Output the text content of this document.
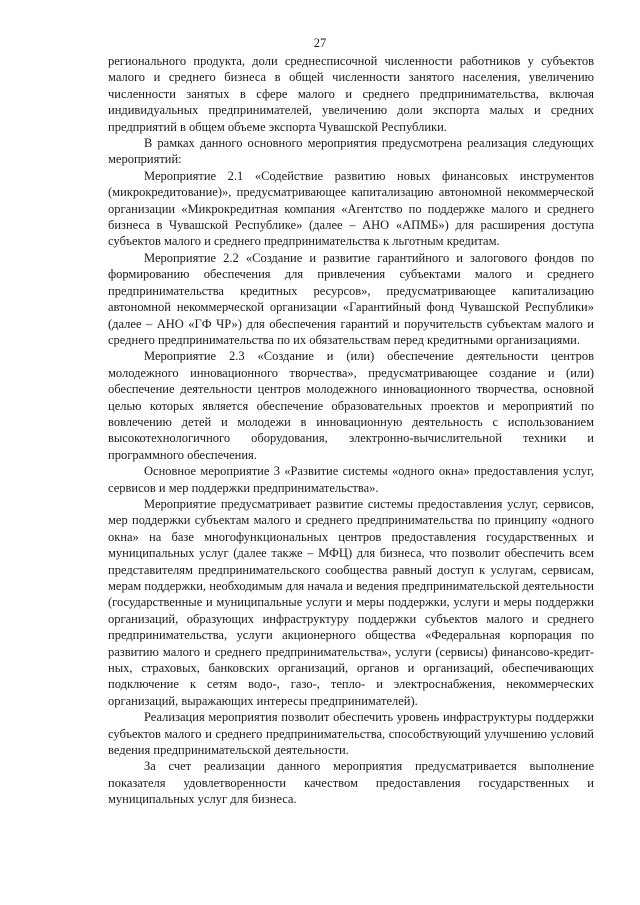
27

регионального продукта, доли среднесписочной численности работников у субъектов малого и среднего бизнеса в общей численности занятого населения, увеличению численности занятых в сфере малого и среднего предпринимательства, включая индивидуальных предпринимателей, увеличению доли экспорта малых и средних предприятий в общем объеме экспорта Чувашской Республики.

В рамках данного основного мероприятия предусмотрена реализация следующих мероприятий:

Мероприятие 2.1 «Содействие развитию новых финансовых инструментов (микрокредитование)», предусматривающее капитализацию автономной некоммерческой организации «Микрокредитная компания «Агентство по поддержке малого и среднего бизнеса в Чувашской Республике» (далее – АНО «АПМБ») для расширения доступа субъектов малого и среднего предпринимательства к льготным кредитам.

Мероприятие 2.2 «Создание и развитие гарантийного и залогового фондов по формированию обеспечения для привлечения субъектами малого и среднего предпринимательства кредитных ресурсов», предусматривающее капитализацию автономной некоммерческой организации «Гарантийный фонд Чувашской Республики» (далее – АНО «ГФ ЧР») для обеспечения гарантий и поручительств субъектам малого и среднего предпринимательства по их обязательствам перед кредитными организациями.

Мероприятие 2.3 «Создание и (или) обеспечение деятельности центров молодежного инновационного творчества», предусматривающее создание и (или) обеспечение деятельности центров молодежного инновационного творчества, основной целью которых является обеспечение образовательных проектов и мероприятий по вовлечению детей и молодежи в инновационную деятельность с использованием высокотехнологичного оборудования, электронно-вычислительной техники и программного обеспечения.

Основное мероприятие 3 «Развитие системы «одного окна» предоставления услуг, сервисов и мер поддержки предпринимательства».

Мероприятие предусматривает развитие системы предоставления услуг, сервисов, мер поддержки субъектам малого и среднего предпринимательства по принципу «одного окна» на базе многофункциональных центров предоставления государственных и муниципальных услуг (далее также – МФЦ) для бизнеса, что позволит обеспечить всем представителям предпринимательского сообщества равный доступ к услугам, сервисам, мерам поддержки, необходимым для начала и ведения предпринимательской деятельности (государственные и муниципальные услуги и меры поддержки, услуги и меры поддержки организаций, образующих инфраструктуру поддержки субъектов малого и среднего предпринимательства, услуги акционерного общества «Федеральная корпорация по развитию малого и среднего предпринимательства», услуги (сервисы) финансово-кредитных, страховых, банковских организаций, органов и организаций, обеспечивающих подключение к сетям водо-, газо-, тепло- и электроснабжения, некоммерческих организаций, выражающих интересы предпринимателей).

Реализация мероприятия позволит обеспечить уровень инфраструктуры поддержки субъектов малого и среднего предпринимательства, способствующий улучшению условий ведения предпринимательской деятельности.

За счет реализации данного мероприятия предусматривается выполнение показателя удовлетворенности качеством предоставления государственных и муниципальных услуг для бизнеса.
